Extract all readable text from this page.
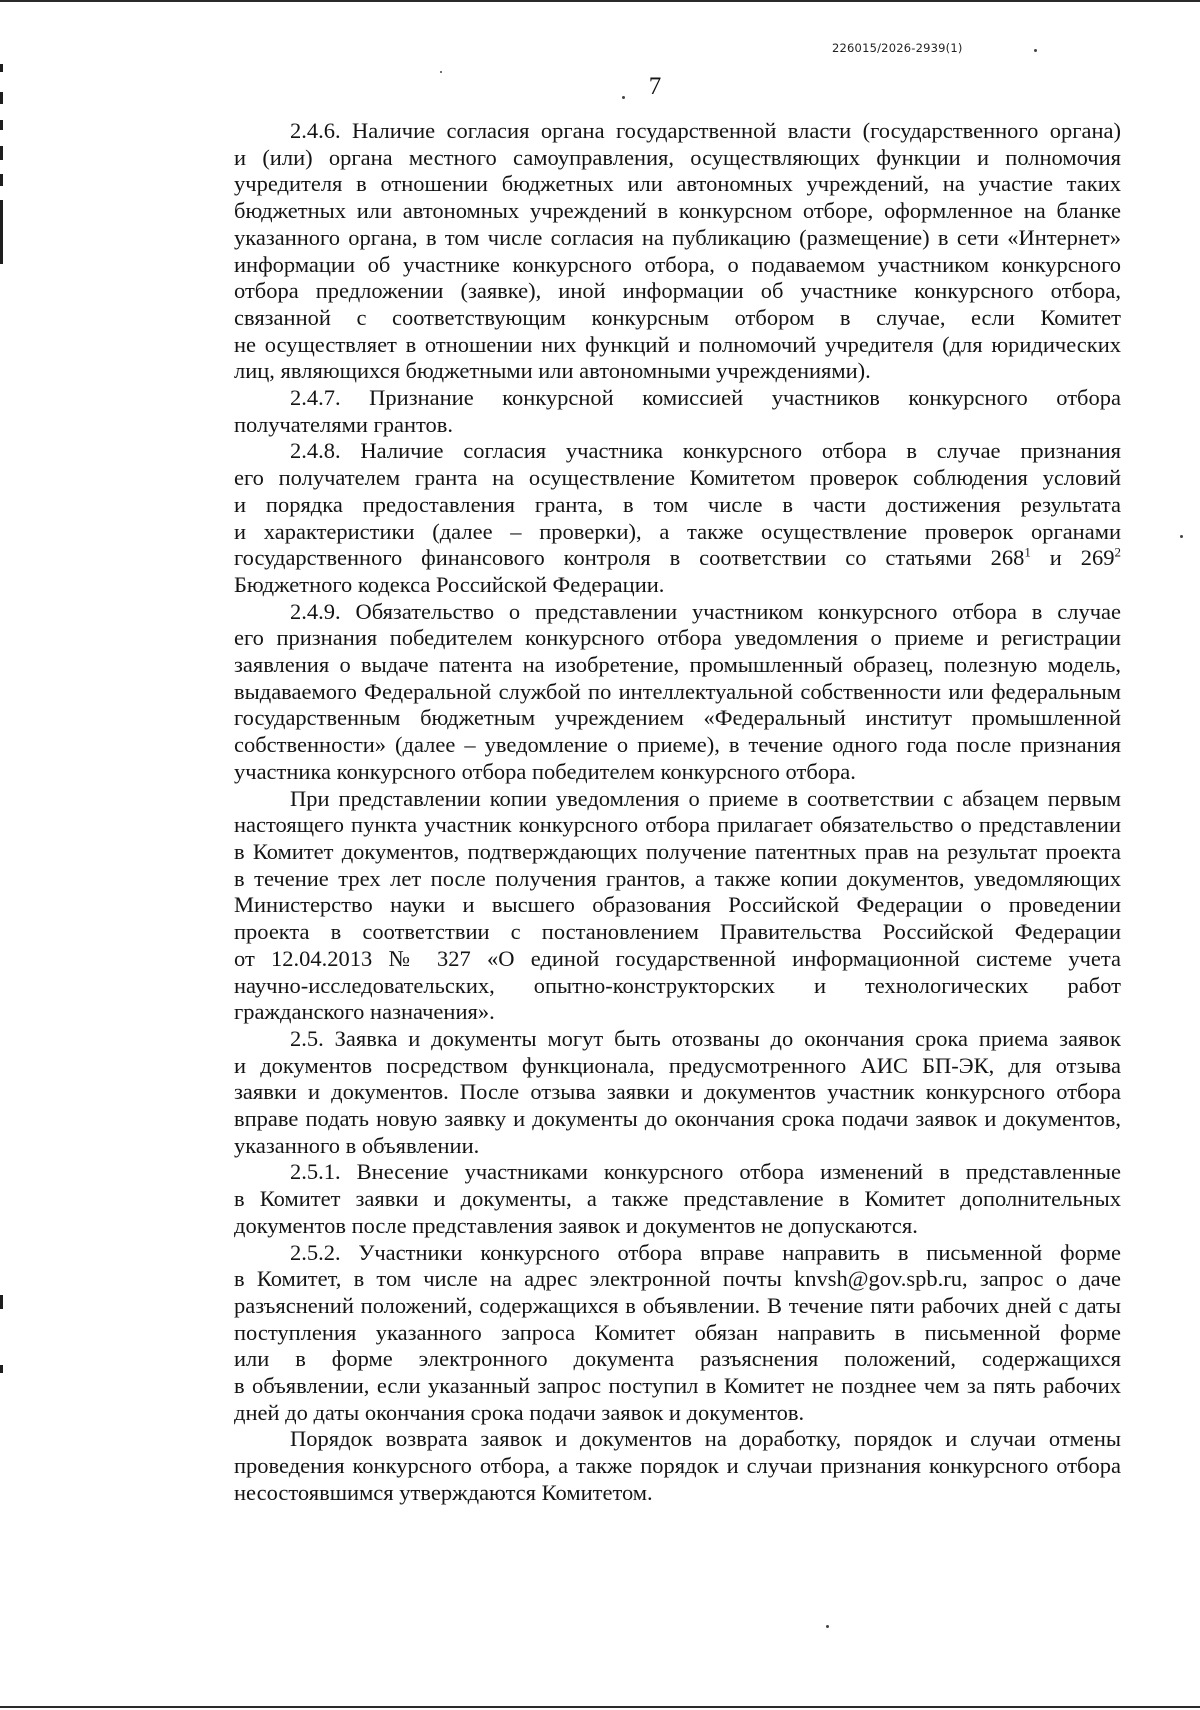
226015/2026-2939(1)
7

2.4.6. Наличие согласия органа государственной власти (государственного органа)
и (или) органа местного самоуправления, осуществляющих функции и полномочия
учредителя в отношении бюджетных или автономных учреждений, на участие таких
бюджетных или автономных учреждений в конкурсном отборе, оформленное на бланке
указанного органа, в том числе согласия на публикацию (размещение) в сети «Интернет»
информации об участнике конкурсного отбора, о подаваемом участником конкурсного
отбора предложении (заявке), иной информации об участнике конкурсного отбора,
связанной с соответствующим конкурсным отбором в случае, если Комитет
не осуществляет в отношении них функций и полномочий учредителя (для юридических
лиц, являющихся бюджетными или автономными учреждениями).

2.4.7. Признание конкурсной комиссией участников конкурсного отбора
получателями грантов.

2.4.8. Наличие согласия участника конкурсного отбора в случае признания
его получателем гранта на осуществление Комитетом проверок соблюдения условий
и порядка предоставления гранта, в том числе в части достижения результата
и характеристики (далее – проверки), а также осуществление проверок органами
государственного финансового контроля в соответствии со статьями $268^1$ и $269^2$
Бюджетного кодекса Российской Федерации.

2.4.9. Обязательство о представлении участником конкурсного отбора в случае
его признания победителем конкурсного отбора уведомления о приеме и регистрации
заявления о выдаче патента на изобретение, промышленный образец, полезную модель,
выдаваемого Федеральной службой по интеллектуальной собственности или федеральным
государственным бюджетным учреждением «Федеральный институт промышленной
собственности» (далее – уведомление о приеме), в течение одного года после признания
участника конкурсного отбора победителем конкурсного отбора.

При представлении копии уведомления о приеме в соответствии с абзацем первым
настоящего пункта участник конкурсного отбора прилагает обязательство о представлении
в Комитет документов, подтверждающих получение патентных прав на результат проекта
в течение трех лет после получения грантов, а также копии документов, уведомляющих
Министерство науки и высшего образования Российской Федерации о проведении
проекта в соответствии с постановлением Правительства Российской Федерации
от 12.04.2013 № 327 «О единой государственной информационной системе учета
научно-исследовательских, опытно-конструкторских и технологических работ
гражданского назначения».

2.5. Заявка и документы могут быть отозваны до окончания срока приема заявок
и документов посредством функционала, предусмотренного АИС БП-ЭК, для отзыва
заявки и документов. После отзыва заявки и документов участник конкурсного отбора
вправе подать новую заявку и документы до окончания срока подачи заявок и документов,
указанного в объявлении.

2.5.1. Внесение участниками конкурсного отбора изменений в представленные
в Комитет заявки и документы, а также представление в Комитет дополнительных
документов после представления заявок и документов не допускаются.

2.5.2. Участники конкурсного отбора вправе направить в письменной форме
в Комитет, в том числе на адрес электронной почты knvsh@gov.spb.ru, запрос о даче
разъяснений положений, содержащихся в объявлении. В течение пяти рабочих дней с даты
поступления указанного запроса Комитет обязан направить в письменной форме
или в форме электронного документа разъяснения положений, содержащихся
в объявлении, если указанный запрос поступил в Комитет не позднее чем за пять рабочих
дней до даты окончания срока подачи заявок и документов.

Порядок возврата заявок и документов на доработку, порядок и случаи отмены
проведения конкурсного отбора, а также порядок и случаи признания конкурсного отбора
несостоявшимся утверждаются Комитетом.
